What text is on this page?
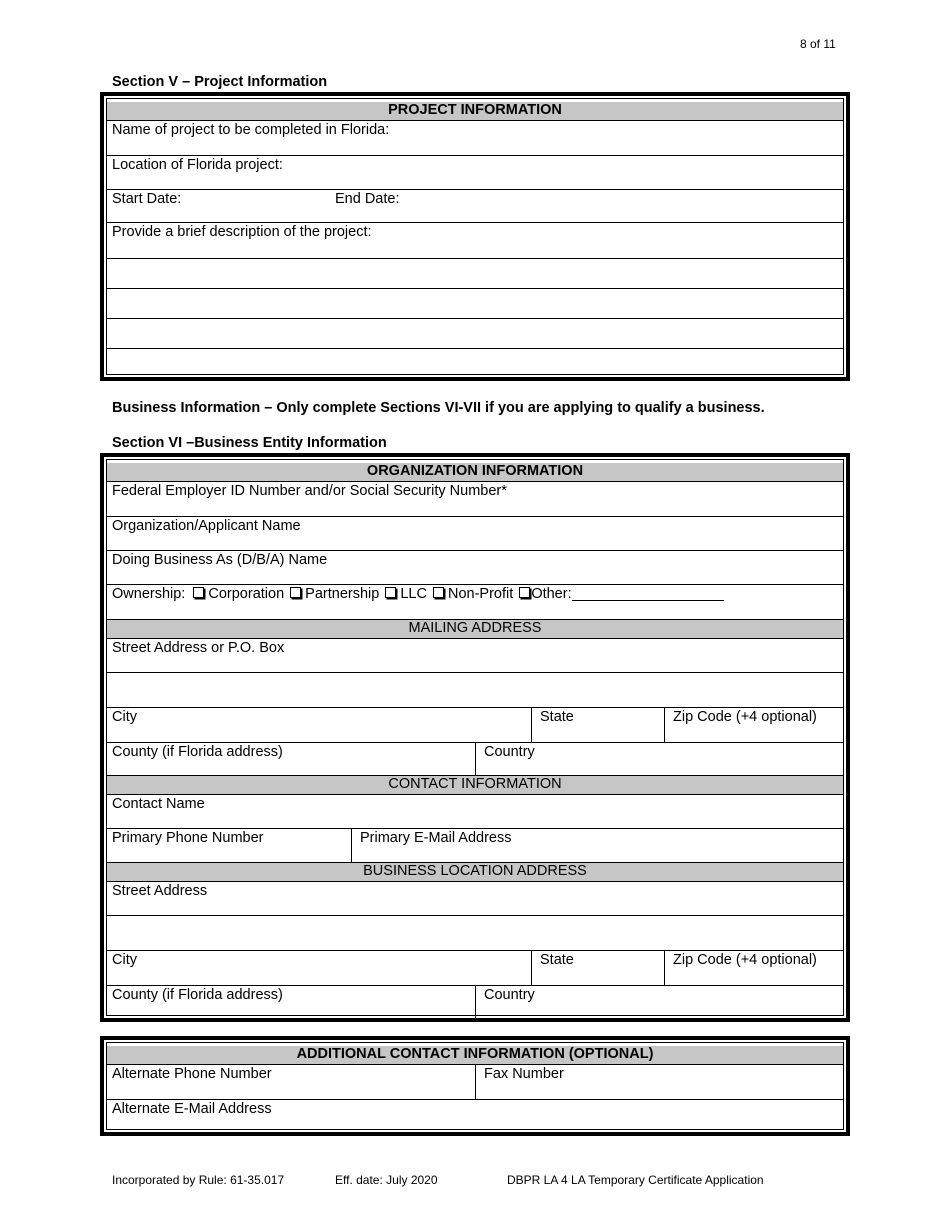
8 of 11
Section V – Project Information
PROJECT INFORMATION
Name of project to be completed in Florida:
Location of Florida project:
Start Date:	End Date:
Provide a brief description of the project:
Business Information – Only complete Sections VI-VII if you are applying to qualify a business.
Section VI –Business Entity Information
ORGANIZATION INFORMATION
Federal Employer ID Number and/or Social Security Number*
Organization/Applicant Name
Doing Business As (D/B/A) Name
Ownership: Corporation Partnership LLC Non-Profit Other:
MAILING ADDRESS
Street Address or P.O. Box
City	State	Zip Code (+4 optional)
County (if Florida address)	Country
CONTACT INFORMATION
Contact Name
Primary Phone Number	Primary E-Mail Address
BUSINESS LOCATION ADDRESS
Street Address
City	State	Zip Code (+4 optional)
County (if Florida address)	Country
ADDITIONAL CONTACT INFORMATION (OPTIONAL)
Alternate Phone Number	Fax Number
Alternate E-Mail Address
Incorporated by Rule: 61-35.017	Eff. date: July 2020	DBPR LA 4 LA Temporary Certificate Application
